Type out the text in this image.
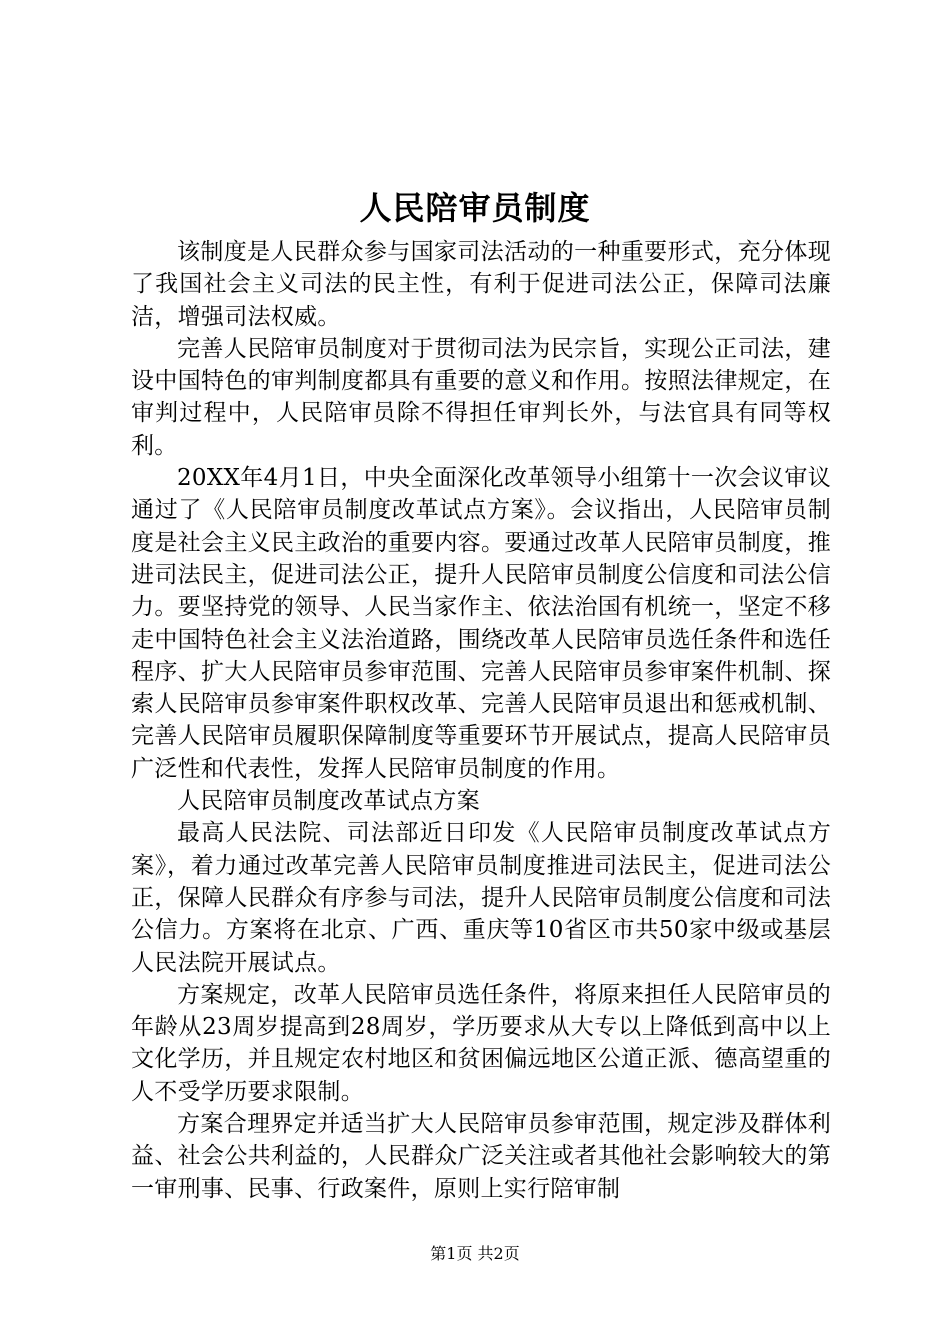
人民陪审员制度

该制度是人民群众参与国家司法活动的一种重要形式，充分体现了我国社会主义司法的民主性，有利于促进司法公正，保障司法廉洁，增强司法权威。

完善人民陪审员制度对于贯彻司法为民宗旨，实现公正司法，建设中国特色的审判制度都具有重要的意义和作用。按照法律规定，在审判过程中，人民陪审员除不得担任审判长外，与法官具有同等权利。

20XX年4月1日，中央全面深化改革领导小组第十一次会议审议通过了《人民陪审员制度改革试点方案》。会议指出，人民陪审员制度是社会主义民主政治的重要内容。要通过改革人民陪审员制度，推进司法民主，促进司法公正，提升人民陪审员制度公信度和司法公信力。要坚持党的领导、人民当家作主、依法治国有机统一，坚定不移走中国特色社会主义法治道路，围绕改革人民陪审员选任条件和选任程序、扩大人民陪审员参审范围、完善人民陪审员参审案件机制、探索人民陪审员参审案件职权改革、完善人民陪审员退出和惩戒机制、完善人民陪审员履职保障制度等重要环节开展试点，提高人民陪审员广泛性和代表性，发挥人民陪审员制度的作用。

人民陪审员制度改革试点方案

最高人民法院、司法部近日印发《人民陪审员制度改革试点方案》，着力通过改革完善人民陪审员制度推进司法民主，促进司法公正，保障人民群众有序参与司法，提升人民陪审员制度公信度和司法公信力。方案将在北京、广西、重庆等10省区市共50家中级或基层人民法院开展试点。

方案规定，改革人民陪审员选任条件，将原来担任人民陪审员的年龄从23周岁提高到28周岁，学历要求从大专以上降低到高中以上文化学历，并且规定农村地区和贫困偏远地区公道正派、德高望重的人不受学历要求限制。

方案合理界定并适当扩大人民陪审员参审范围，规定涉及群体利益、社会公共利益的，人民群众广泛关注或者其他社会影响较大的第一审刑事、民事、行政案件，原则上实行陪审制

第1页 共2页
